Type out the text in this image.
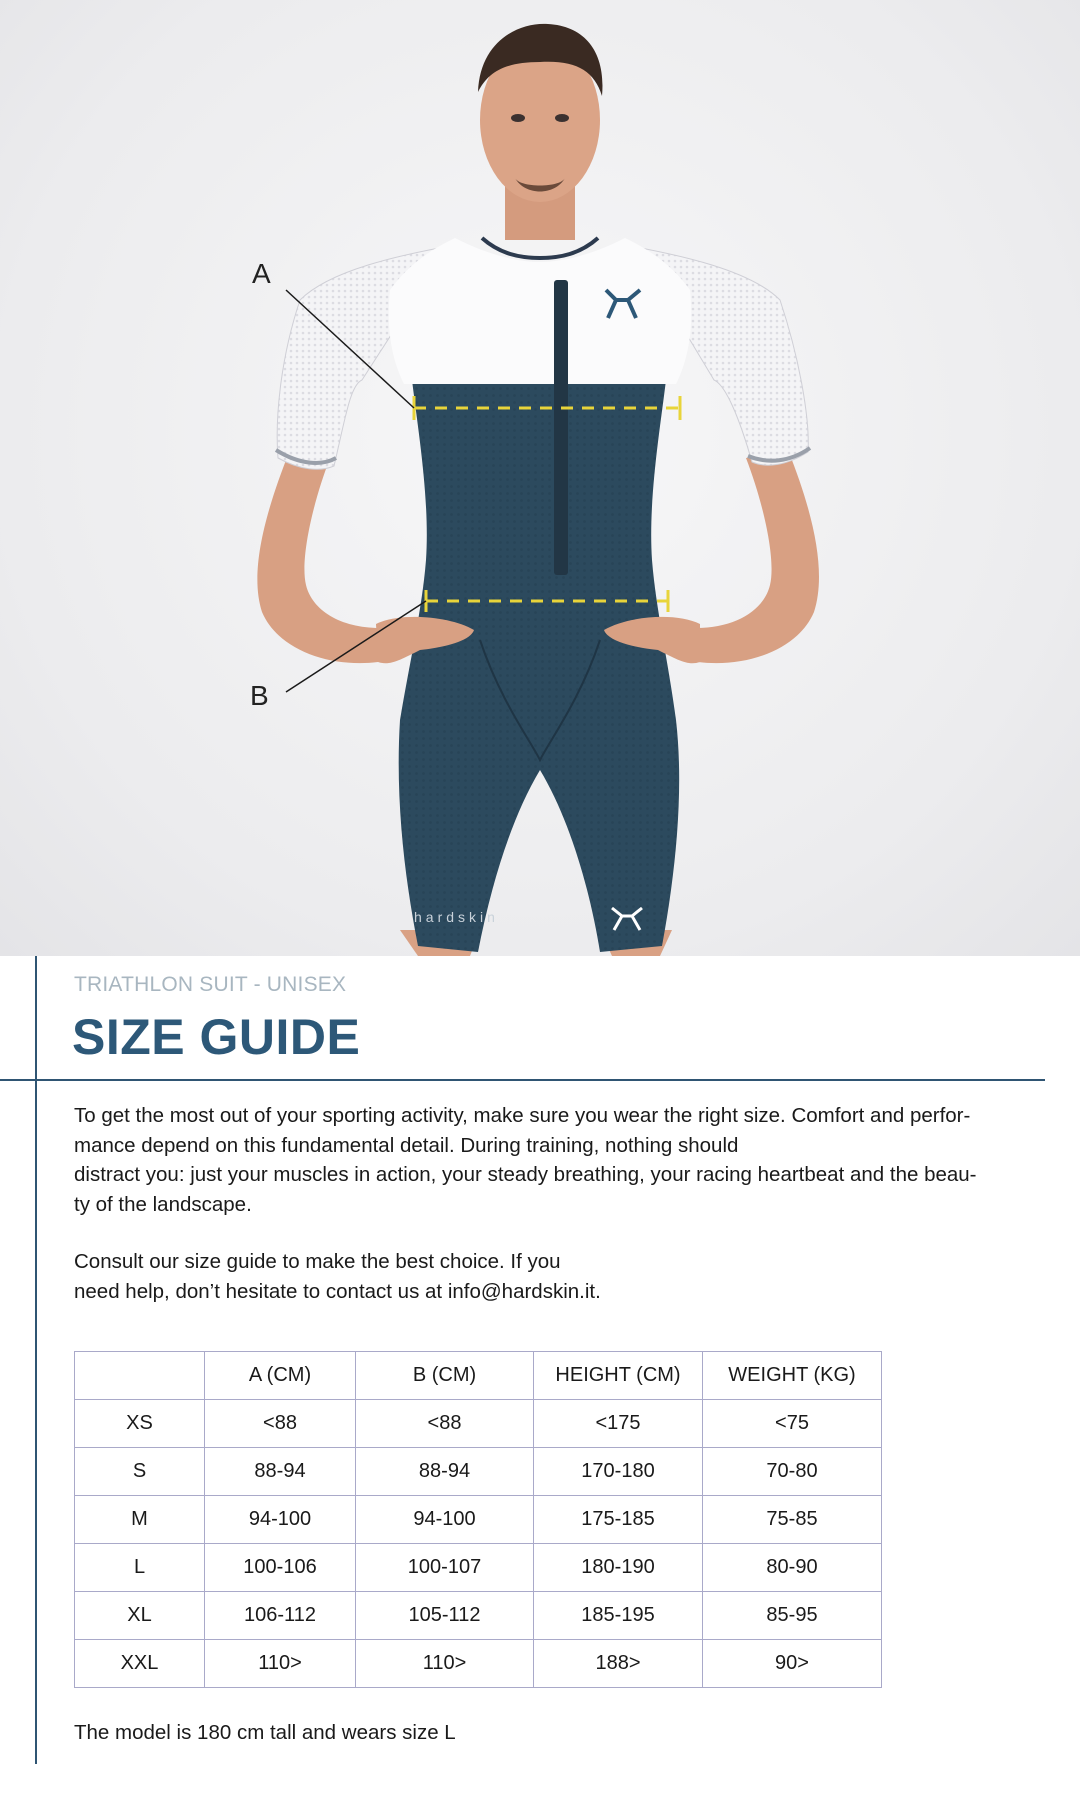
hardskin
A
B
TRIATHLON SUIT - UNISEX
SIZE GUIDE
To get the most out of your sporting activity, make sure you wear the right size. Comfort and perfor-
mance depend on this fundamental detail. During training, nothing should
distract you: just your muscles in action, your steady breathing, your racing heartbeat and the beau-
ty of the landscape.
Consult our size guide to make the best choice. If you
need help, don’t hesitate to contact us at info@hardskin.it.
	A (CM)	B (CM)	HEIGHT (CM)	WEIGHT (KG)
XS	<88	<88	<175	<75
S	88-94	88-94	170-180	70-80
M	94-100	94-100	175-185	75-85
L	100-106	100-107	180-190	80-90
XL	106-112	105-112	185-195	85-95
XXL	110>	110>	188>	90>
The model is 180 cm tall and wears size L
